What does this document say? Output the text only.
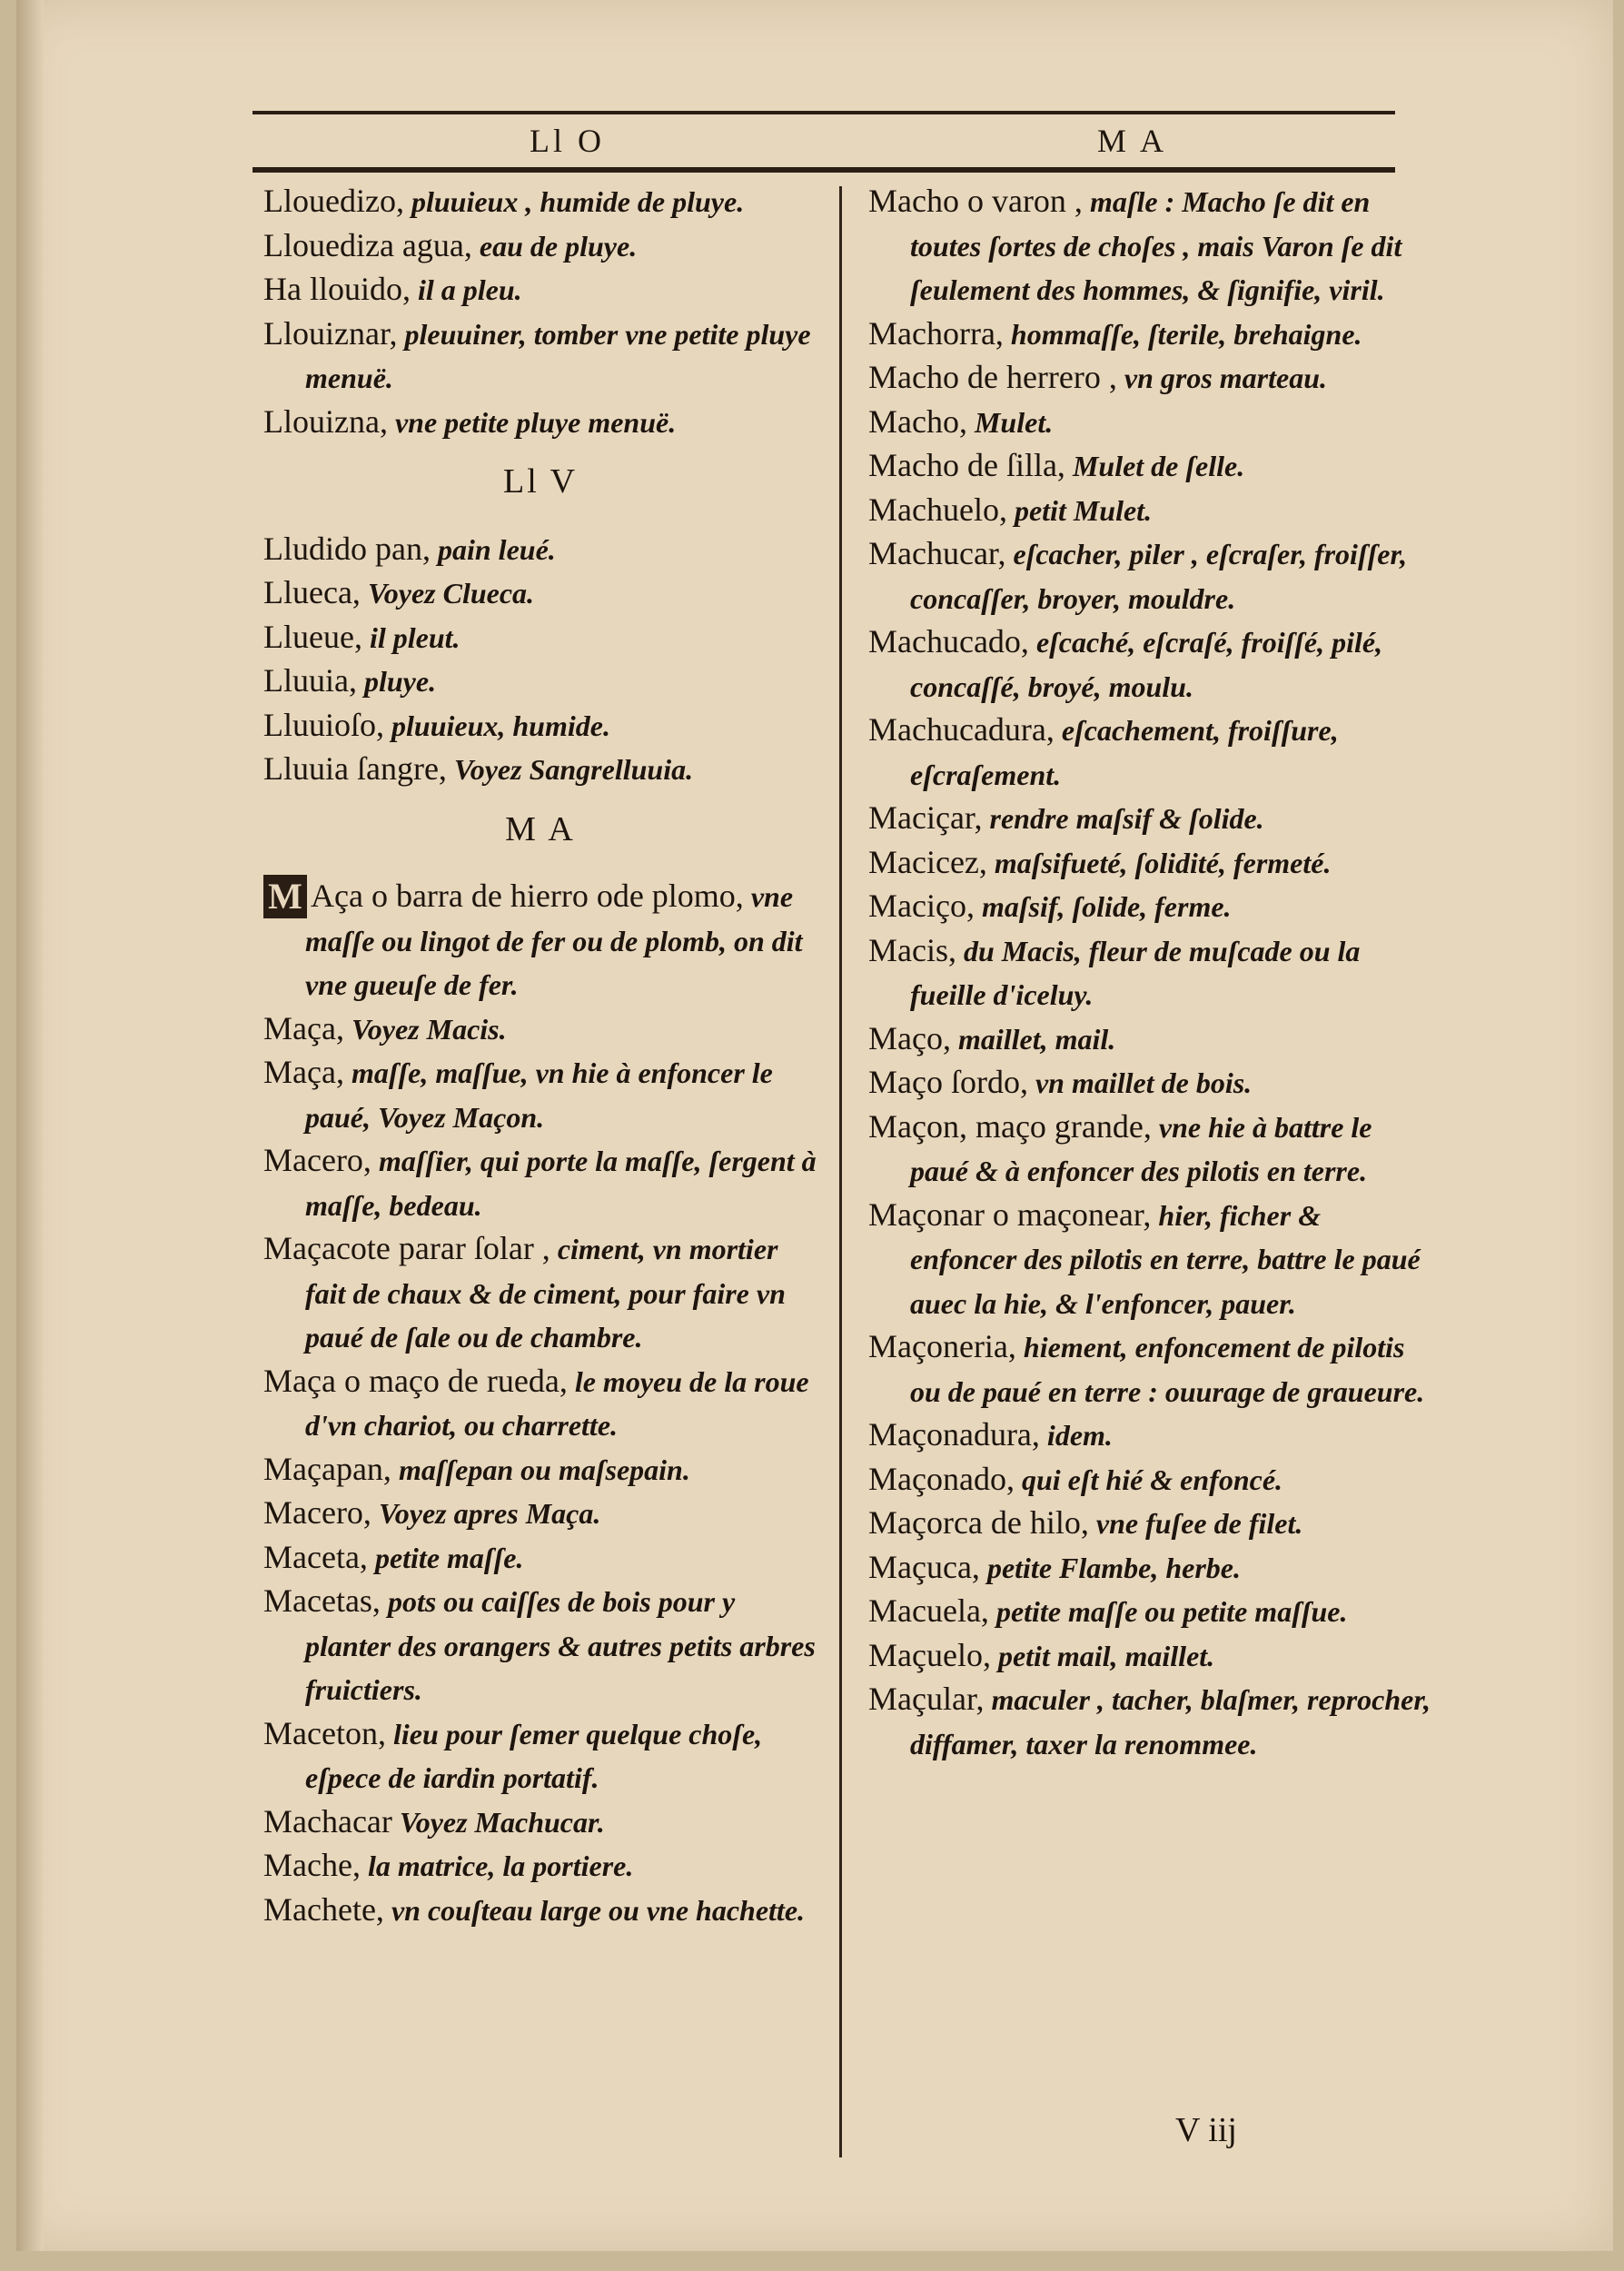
Ll O	M A

Llouedizo, pluuieux , humide de pluye.

Llouediza agua, eau de pluye.

Ha llouido, il a pleu.

Llouiznar, pleuuiner, tomber vne petite pluye menuë.

Llouizna, vne petite pluye menuë.

Ll V

Lludido pan, pain leué.

Llueca, Voyez Clueca.

Llueue, il pleut.

Lluuia, pluye.

Lluuioſo, pluuieux, humide.

Lluuia ſangre, Voyez Sangrelluuia.

M A

M Aça o barra de hierro ode plomo, vne maſſe ou lingot de fer ou de plomb, on dit vne gueuſe de fer.

Maça, Voyez Macis.

Maça, maſſe, maſſue, vn hie à enfoncer le paué, Voyez Maçon.

Macero, maſſier, qui porte la maſſe, ſergent à maſſe, bedeau.

Maçacote parar ſolar , ciment, vn mortier fait de chaux & de ciment, pour faire vn paué de ſale ou de chambre.

Maça o maço de rueda, le moyeu de la roue d'vn chariot, ou charrette.

Maçapan, maſſepan ou maſsepain.

Macero, Voyez apres Maça.

Maceta, petite maſſe.

Macetas, pots ou caiſſes de bois pour y planter des orangers & autres petits arbres fruictiers.

Maceton, lieu pour ſemer quelque choſe, eſpece de iardin portatif.

Machacar Voyez Machucar.

Mache, la matrice, la portiere.

Machete, vn couſteau large ou vne hachette.

Macho o varon , maſle : Macho ſe dit en toutes ſortes de choſes , mais Varon ſe dit ſeulement des hommes, & ſignifie, viril.

Machorra, hommaſſe, ſterile, brehaigne.

Macho de herrero , vn gros marteau.

Macho, Mulet.

Macho de ſilla, Mulet de ſelle.

Machuelo, petit Mulet.

Machucar, eſcacher, piler , eſcraſer, froiſſer, concaſſer, broyer, mouldre.

Machucado, eſcaché, eſcraſé, froiſſé, pilé, concaſſé, broyé, moulu.

Machucadura, eſcachement, froiſſure, eſcraſement.

Maciçar, rendre maſsif & ſolide.

Macicez, maſsifueté, ſolidité, fermeté.

Maciço, maſsif, ſolide, ferme.

Macis, du Macis, fleur de muſcade ou la fueille d'iceluy.

Maço, maillet, mail.

Maço ſordo, vn maillet de bois.

Maçon, maço grande, vne hie à battre le paué & à enfoncer des pilotis en terre.

Maçonar o maçonear, hier, ficher & enfoncer des pilotis en terre, battre le paué auec la hie, & l'enfoncer, pauer.

Maçoneria, hiement, enfoncement de pilotis ou de paué en terre : ouurage de graueure.

Maçonadura, idem.

Maçonado, qui eſt hié & enfoncé.

Maçorca de hilo, vne fuſee de filet.

Maçuca, petite Flambe, herbe.

Macuela, petite maſſe ou petite maſſue.

Maçuelo, petit mail, maillet.

Maçular, maculer , tacher, blaſmer, reprocher, diffamer, taxer la renommee.

V iij
